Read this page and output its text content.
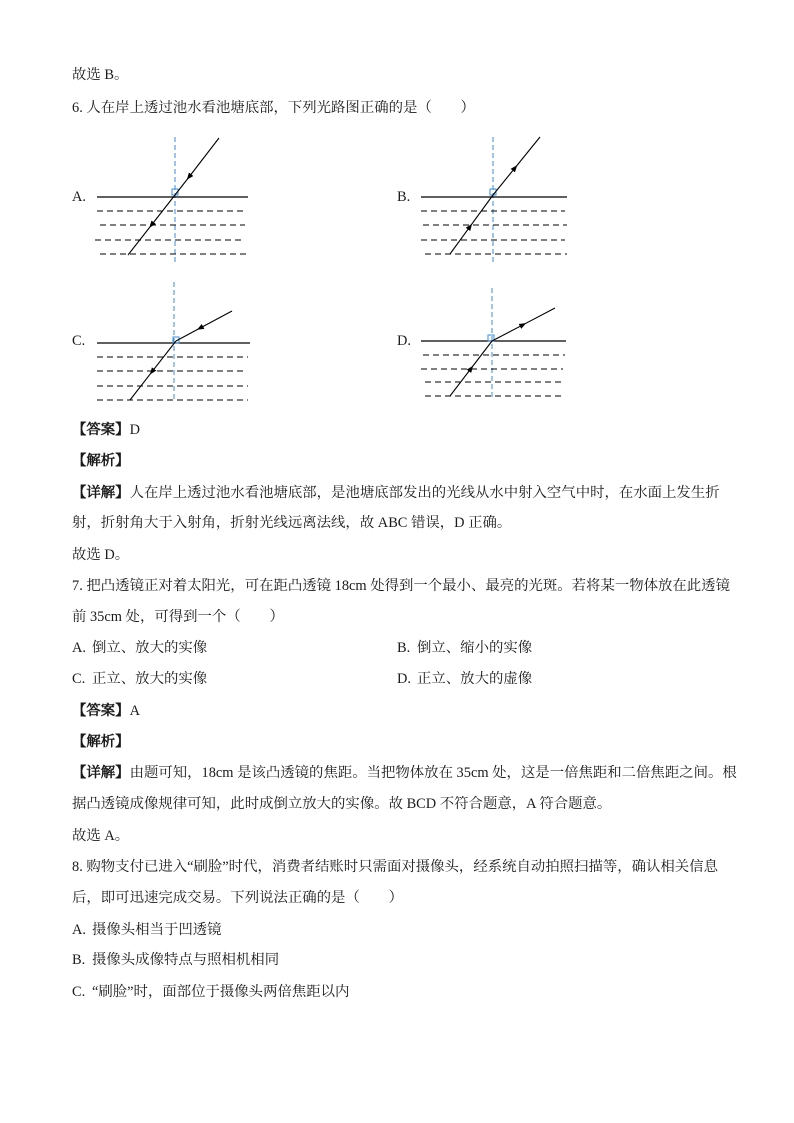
故选 B。
6. 人在岸上透过池水看池塘底部，下列光路图正确的是（　　）
A.	B.
C.	D.
【答案】D
【解析】
【详解】人在岸上透过池水看池塘底部，是池塘底部发出的光线从水中射入空气中时，在水面上发生折
射，折射角大于入射角，折射光线远离法线，故 ABC 错误，D 正确。
故选 D。
7. 把凸透镜正对着太阳光，可在距凸透镜 18cm 处得到一个最小、最亮的光斑。若将某一物体放在此透镜
前 35cm 处，可得到一个（　　）
A. 倒立、放大的实像	B. 倒立、缩小的实像
C. 正立、放大的实像	D. 正立、放大的虚像
【答案】A
【解析】
【详解】由题可知，18cm 是该凸透镜的焦距。当把物体放在 35cm 处，这是一倍焦距和二倍焦距之间。根
据凸透镜成像规律可知，此时成倒立放大的实像。故 BCD 不符合题意，A 符合题意。
故选 A。
8. 购物支付已进入“刷脸”时代，消费者结账时只需面对摄像头，经系统自动拍照扫描等，确认相关信息
后，即可迅速完成交易。下列说法正确的是（　　）
A. 摄像头相当于凹透镜
B. 摄像头成像特点与照相机相同
C. “刷脸”时，面部位于摄像头两倍焦距以内
